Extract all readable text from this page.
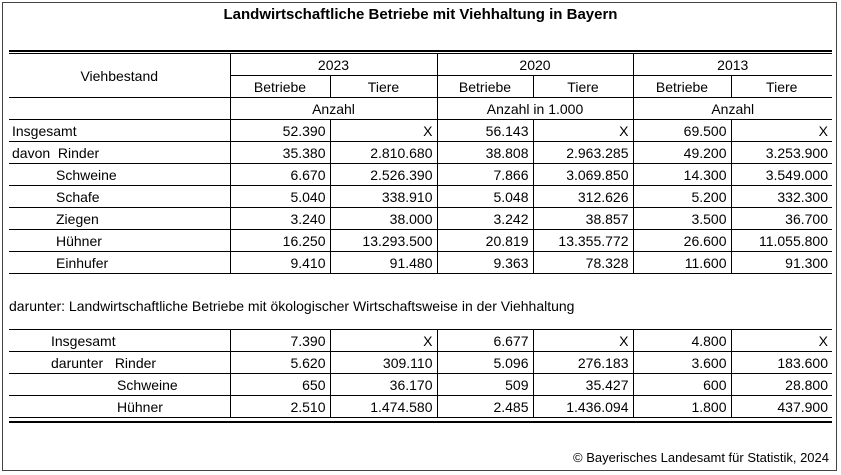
Landwirtschaftliche Betriebe mit Viehhaltung in Bayern
Viehbestand	2023		2020		2013	
	Betriebe	Tiere	Betriebe	Tiere	Betriebe	Tiere
	Anzahl		Anzahl in 1.000		Anzahl	
Insgesamt	52.390	X	56.143	X	69.500	X
davon  Rinder	35.380	2.810.680	38.808	2.963.285	49.200	3.253.900
Schweine	6.670	2.526.390	7.866	3.069.850	14.300	3.549.000
Schafe	5.040	338.910	5.048	312.626	5.200	332.300
Ziegen	3.240	38.000	3.242	38.857	3.500	36.700
Hühner	16.250	13.293.500	20.819	13.355.772	26.600	11.055.800
Einhufer	9.410	91.480	9.363	78.328	11.600	91.300
darunter: Landwirtschaftliche Betriebe mit ökologischer Wirtschaftsweise in der Viehhaltung
Insgesamt	7.390	X	6.677	X	4.800	X
darunter   Rinder	5.620	309.110	5.096	276.183	3.600	183.600
Schweine	650	36.170	509	35.427	600	28.800
Hühner	2.510	1.474.580	2.485	1.436.094	1.800	437.900
© Bayerisches Landesamt für Statistik, 2024
